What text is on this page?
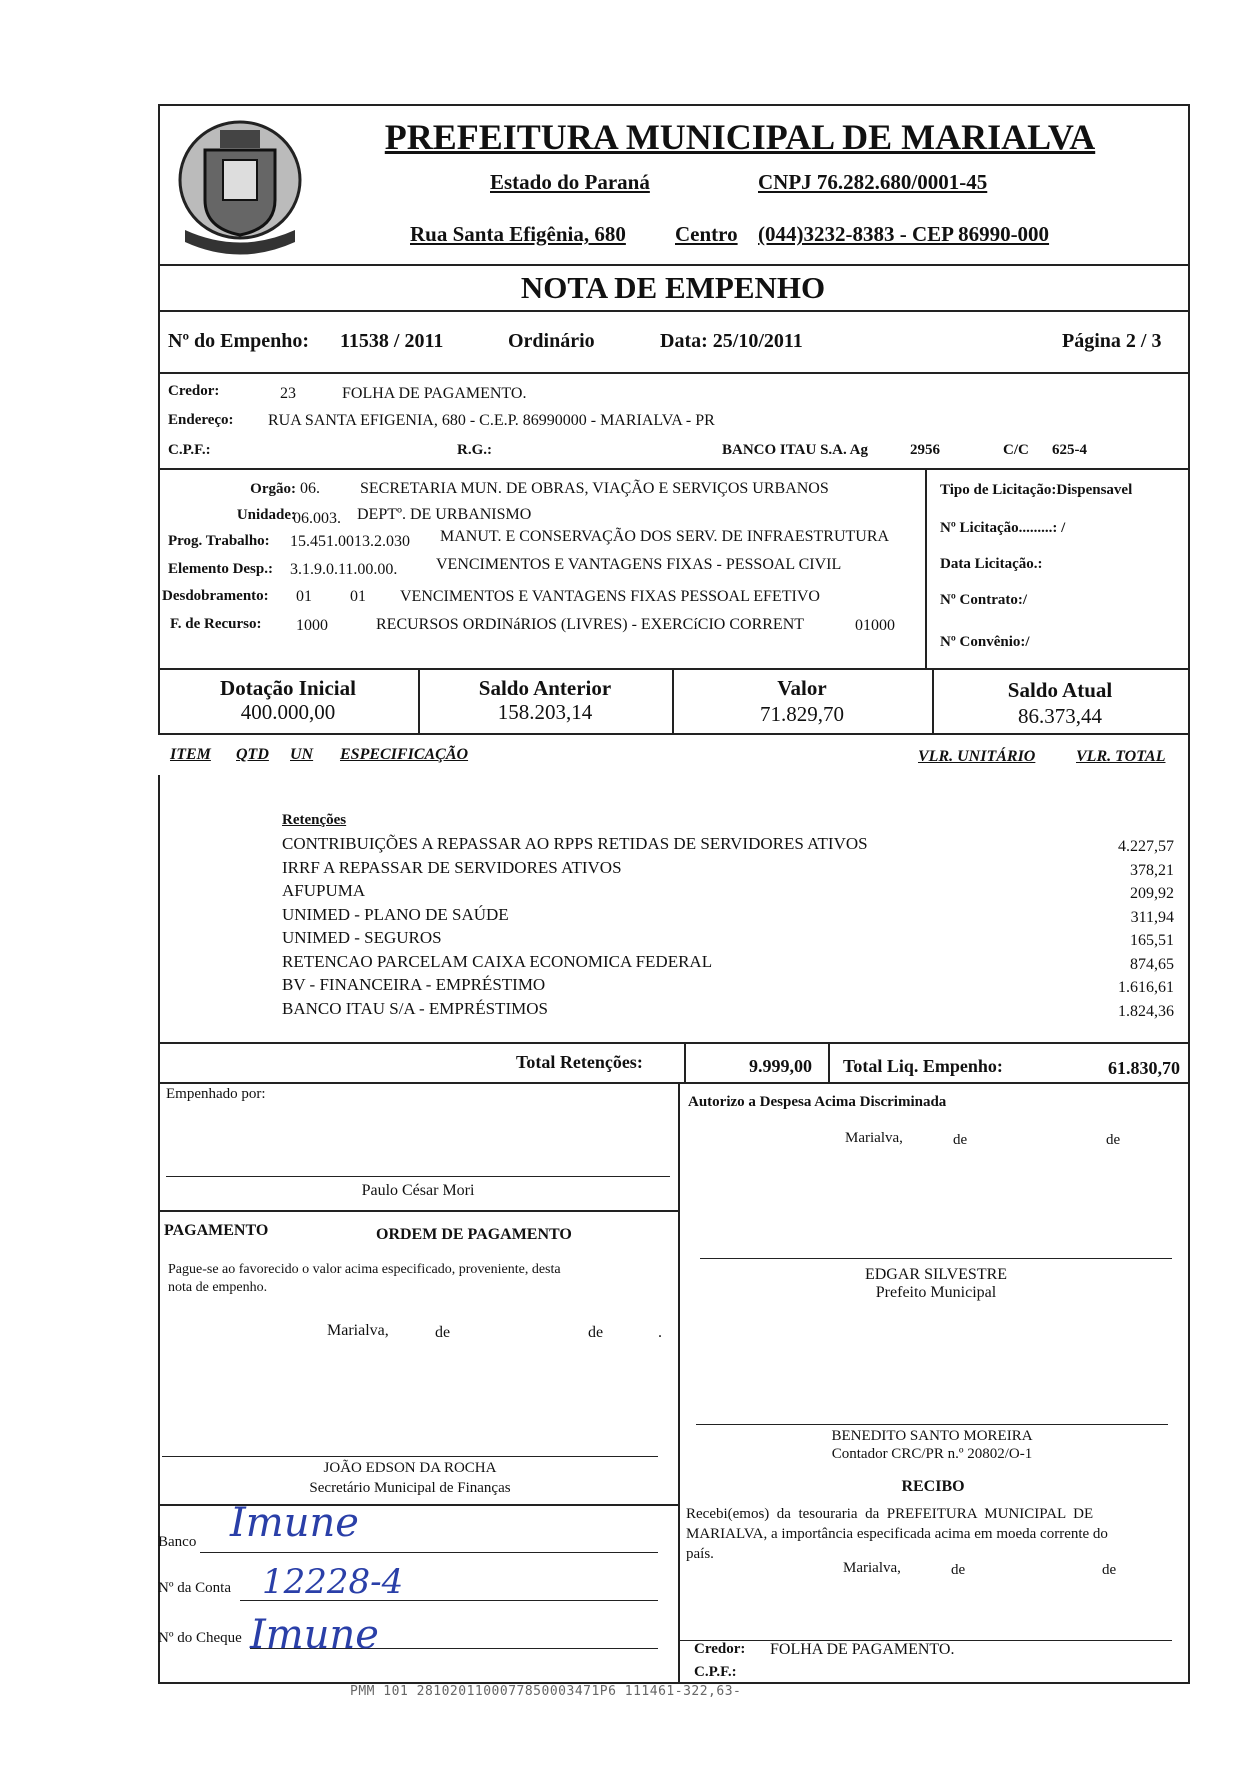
PREFEITURA MUNICIPAL DE MARIALVA
Estado do Paraná	CNPJ 76.282.680/0001-45
Rua Santa Efigênia, 680 Centro (044)3232-8383 - CEP 86990-000
NOTA DE EMPENHO
Nº do Empenho: 11538 / 2011	Ordinário	Data: 25/10/2011	Página 2 / 3
Credor:	23	FOLHA DE PAGAMENTO.
Endereço: RUA SANTA EFIGENIA, 680 - C.E.P. 86990000 - MARIALVA - PR
C.P.F.:	R.G.:	BANCO ITAU S.A. Ag	2956	C/C 625-4
Orgão: 06.	SECRETARIA MUN. DE OBRAS, VIAÇÃO E SERVIÇOS URBANOS
Unidade:
06.003. DEPTº. DE URBANISMO
Prog. Trabalho: 15.451.0013.2.030 MANUT. E CONSERVAÇÃO DOS SERV. DE INFRAESTRUTURA
Elemento Desp.: 3.1.9.0.11.00.00. VENCIMENTOS E VANTAGENS FIXAS - PESSOAL CIVIL
Desdobramento: 01 01 VENCIMENTOS E VANTAGENS FIXAS PESSOAL EFETIVO
F. de Recurso: 1000	RECURSOS ORDINáRIOS (LIVRES) - EXERCíCIO CORRENT	01000
Tipo de Licitação:Dispensavel
Nº Licitação.........: /
Data Licitação.:
Nº Contrato:/
Nº Convênio:/
Dotação Inicial
400.000,00
Saldo Anterior
158.203,14
Valor
71.829,70
Saldo Atual
86.373,44
ITEM QTD UN ESPECIFICAÇÃO	VLR. UNITÁRIO	VLR. TOTAL
Retenções
CONTRIBUIÇÕES A REPASSAR AO RPPS RETIDAS DE SERVIDORES ATIVOS	4.227,57
IRRF A REPASSAR DE SERVIDORES ATIVOS	378,21
AFUPUMA	209,92
UNIMED - PLANO DE SAÚDE	311,94
UNIMED - SEGUROS	165,51
RETENCAO PARCELAM CAIXA ECONOMICA FEDERAL	874,65
BV - FINANCEIRA - EMPRÉSTIMO	1.616,61
BANCO ITAU S/A - EMPRÉSTIMOS	1.824,36
Total Retenções:	9.999,00 Total Liq. Empenho:	61.830,70
Empenhado por:
Paulo César Mori
PAGAMENTO	ORDEM DE PAGAMENTO
Pague-se ao favorecido o valor acima especificado, proveniente, desta
nota de empenho.
Marialva,	de	de	.
JOÃO EDSON DA ROCHA
Secretário Municipal de Finanças
Banco Imune
Nº da Conta 12228-4
Nº do Cheque Imune
Autorizo a Despesa Acima Discriminada
Marialva,	de	de
EDGAR SILVESTRE
Prefeito Municipal
BENEDITO SANTO MOREIRA
Contador CRC/PR n.º 20802/O-1
RECIBO
Recebi(emos)  da  tesouraria  da  PREFEITURA  MUNICIPAL  DE
MARIALVA, a importância especificada acima em moeda corrente do
país.
Marialva,	de	de
Credor: FOLHA DE PAGAMENTO.
C.P.F.:
PMM 101 2810201100077850003471P6 111461-322,63-
